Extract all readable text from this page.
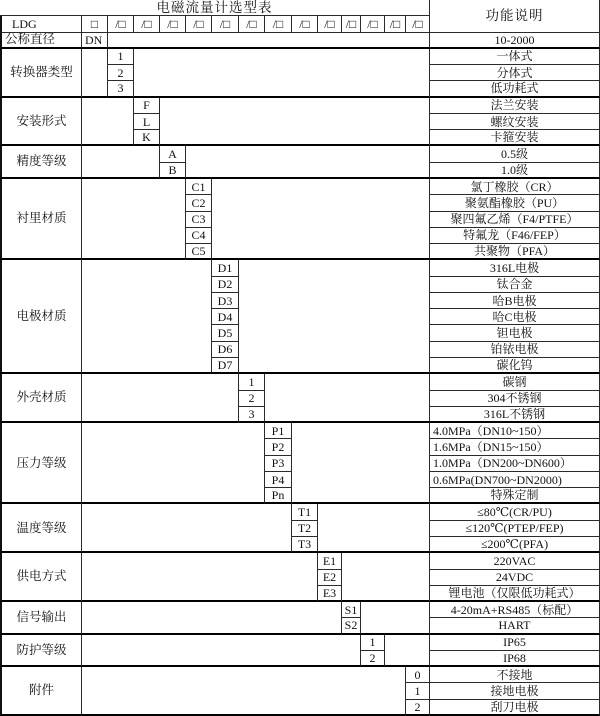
电磁流量计选型表
功能说明
LDG	□	/□	/□	/□	/□	/□	/□	/□	/□	/□ /□ /□ /□ /□
公称直径	DN	10-2000
转换器类型
1	一体式
2	分体式
3	低功耗式
安装形式
F	法兰安装
L	螺纹安装
K	卡箍安装
精度等级
A	0.5级
B	1.0级
衬里材质
C1	氯丁橡胶（CR）
C2	聚氨酯橡胶（PU）
C3	聚四氟乙烯（F4/PTFE）
C4	特氟龙（F46/FEP）
C5	共聚物（PFA）
电极材质
D1	316L电极
D2	钛合金
D3	哈B电极
D4	哈C电极
D5	钽电极
D6	铂铱电极
D7	碳化钨
外壳材质
1	碳钢
2	304不锈钢
3	316L不锈钢
压力等级
P1	4.0MPa（DN10~150）
P2	1.6MPa（DN15~150）
P3	1.0MPa（DN200~DN600）
P4	0.6MPa(DN700~DN2000)
Pn	特殊定制
温度等级
T1	≤80℃(CR/PU)
T2	≤120℃(PTEP/FEP)
T3	≤200℃(PFA)
供电方式
E1	220VAC
E2	24VDC
E3	锂电池（仅限低功耗式）
信号输出
S1	4-20mA+RS485（标配）
S2	HART
防护等级
1	IP65
2	IP68
附件
0	不接地
1	接地电极
2	刮刀电极
